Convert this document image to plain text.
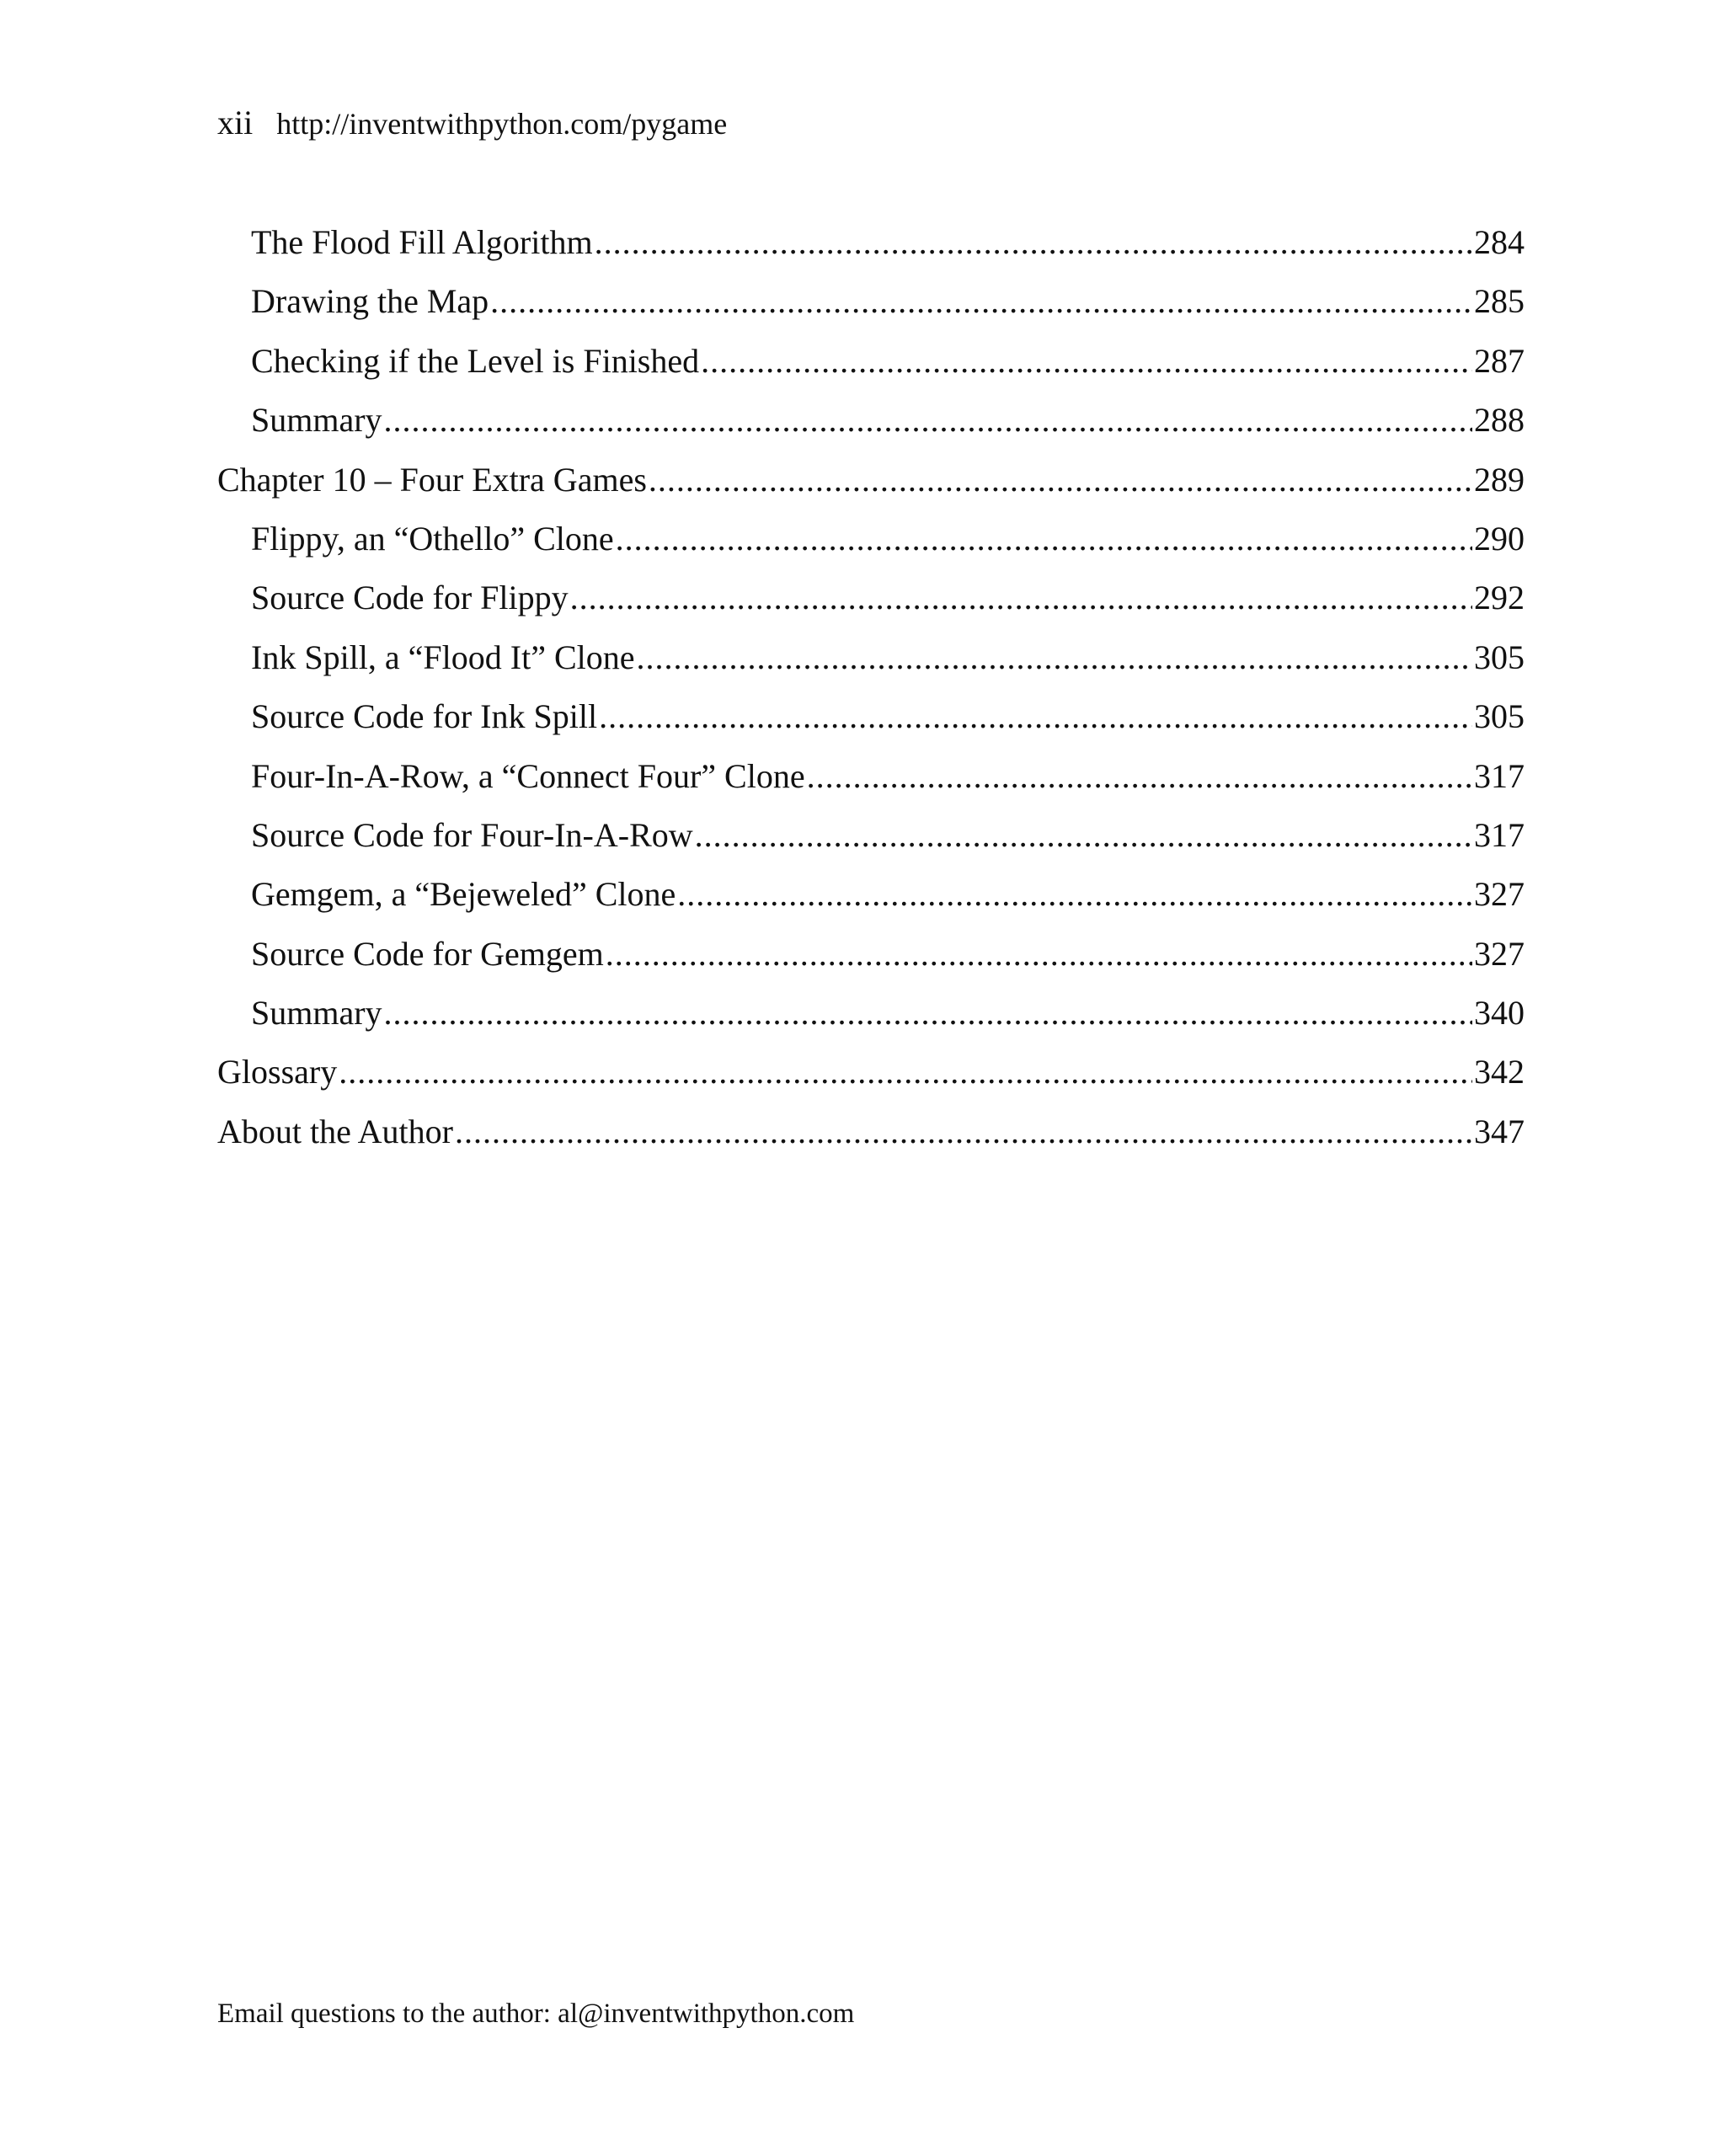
xii http://inventwithpython.com/pygame
The Flood Fill Algorithm .....	284
Drawing the Map .....	285
Checking if the Level is Finished .....	287
Summary .....	288
Chapter 10 – Four Extra Games .....	289
Flippy, an “Othello” Clone .....	290
Source Code for Flippy .....	292
Ink Spill, a “Flood It” Clone .....	305
Source Code for Ink Spill .....	305
Four-In-A-Row, a “Connect Four” Clone .....	317
Source Code for Four-In-A-Row .....	317
Gemgem, a “Bejeweled” Clone .....	327
Source Code for Gemgem .....	327
Summary .....	340
Glossary .....	342
About the Author .....	347
Email questions to the author: al@inventwithpython.com
